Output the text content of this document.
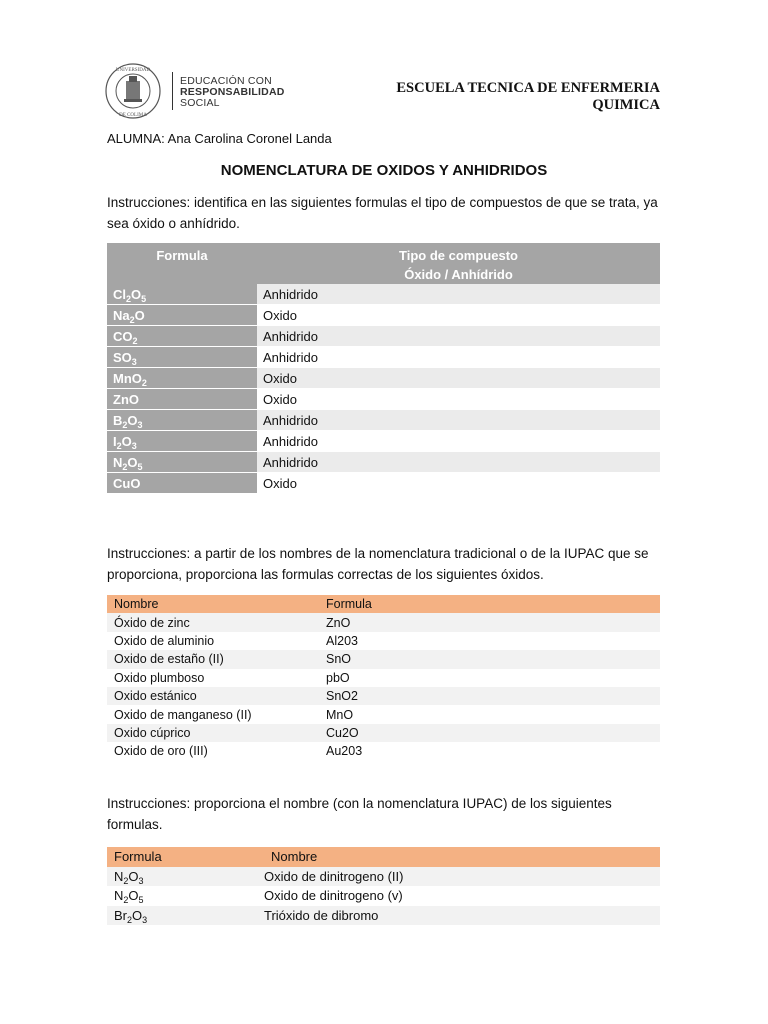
UNIVERSIDAD
DE COLIMA
EDUCACIÓN CON
RESPONSABILIDAD
SOCIAL
ESCUELA TECNICA DE ENFERMERIA
QUIMICA
ALUMNA: Ana Carolina Coronel Landa
NOMENCLATURA DE OXIDOS Y ANHIDRIDOS
Instrucciones: identifica en las siguientes formulas el tipo de compuestos de que se trata, ya sea óxido o anhídrido.
Formula	Tipo de compuesto
Óxido / Anhídrido

$Cl_2O_5$	Anhidrido
$Na_2O$	Oxido
$CO_2$	Anhidrido
$SO_3$	Anhidrido
MnO$_2$	Oxido
ZnO	Oxido
$B_2O_3$	Anhidrido
$I_2O_3$	Anhidrido
$N_2O_5$	Anhidrido
CuO	Oxido
Instrucciones: a partir de los nombres de la nomenclatura tradicional o de la IUPAC que se proporciona, proporciona las formulas correctas de los siguientes óxidos.
Nombre	Formula
Óxido de zinc	ZnO
Oxido de aluminio	Al203
Oxido de estaño (II)	SnO
Oxido plumboso	pbO
Oxido estánico	SnO2
Oxido de manganeso (II)	MnO
Oxido cúprico	Cu2O
Oxido de oro (III)	Au203
Instrucciones: proporciona el nombre (con la nomenclatura IUPAC) de los siguientes formulas.
Formula	Nombre
$N_2O_3$	Oxido de dinitrogeno (II)
$N_2O_5$	Oxido de dinitrogeno (v)
$Br_2O_3$	Trióxido de dibromo
